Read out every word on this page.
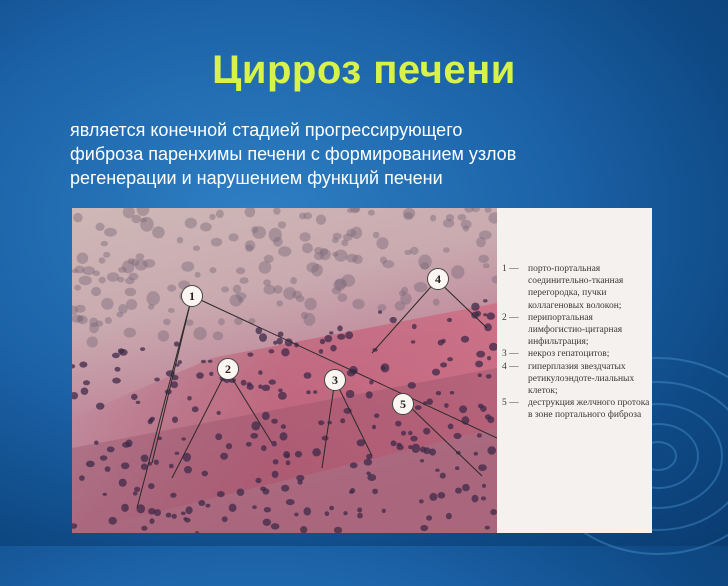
Цирроз печени

является конечной стадией прогрессирующего
фиброза паренхимы печени с формированием узлов
регенерации и нарушением функций печени

1
2
3
4
5
1 — порто-портальная соединительно-тканная перегородка, пучки коллагеновых волокон;
2 — перипортальная лимфогистио-цитарная инфильтрация;
3 — некроз гепатоцитов;
4 — гиперплазия звездчатых ретикулоэндоте-лиальных клеток;
5 — деструкция желчного протока в зоне портального фиброза
